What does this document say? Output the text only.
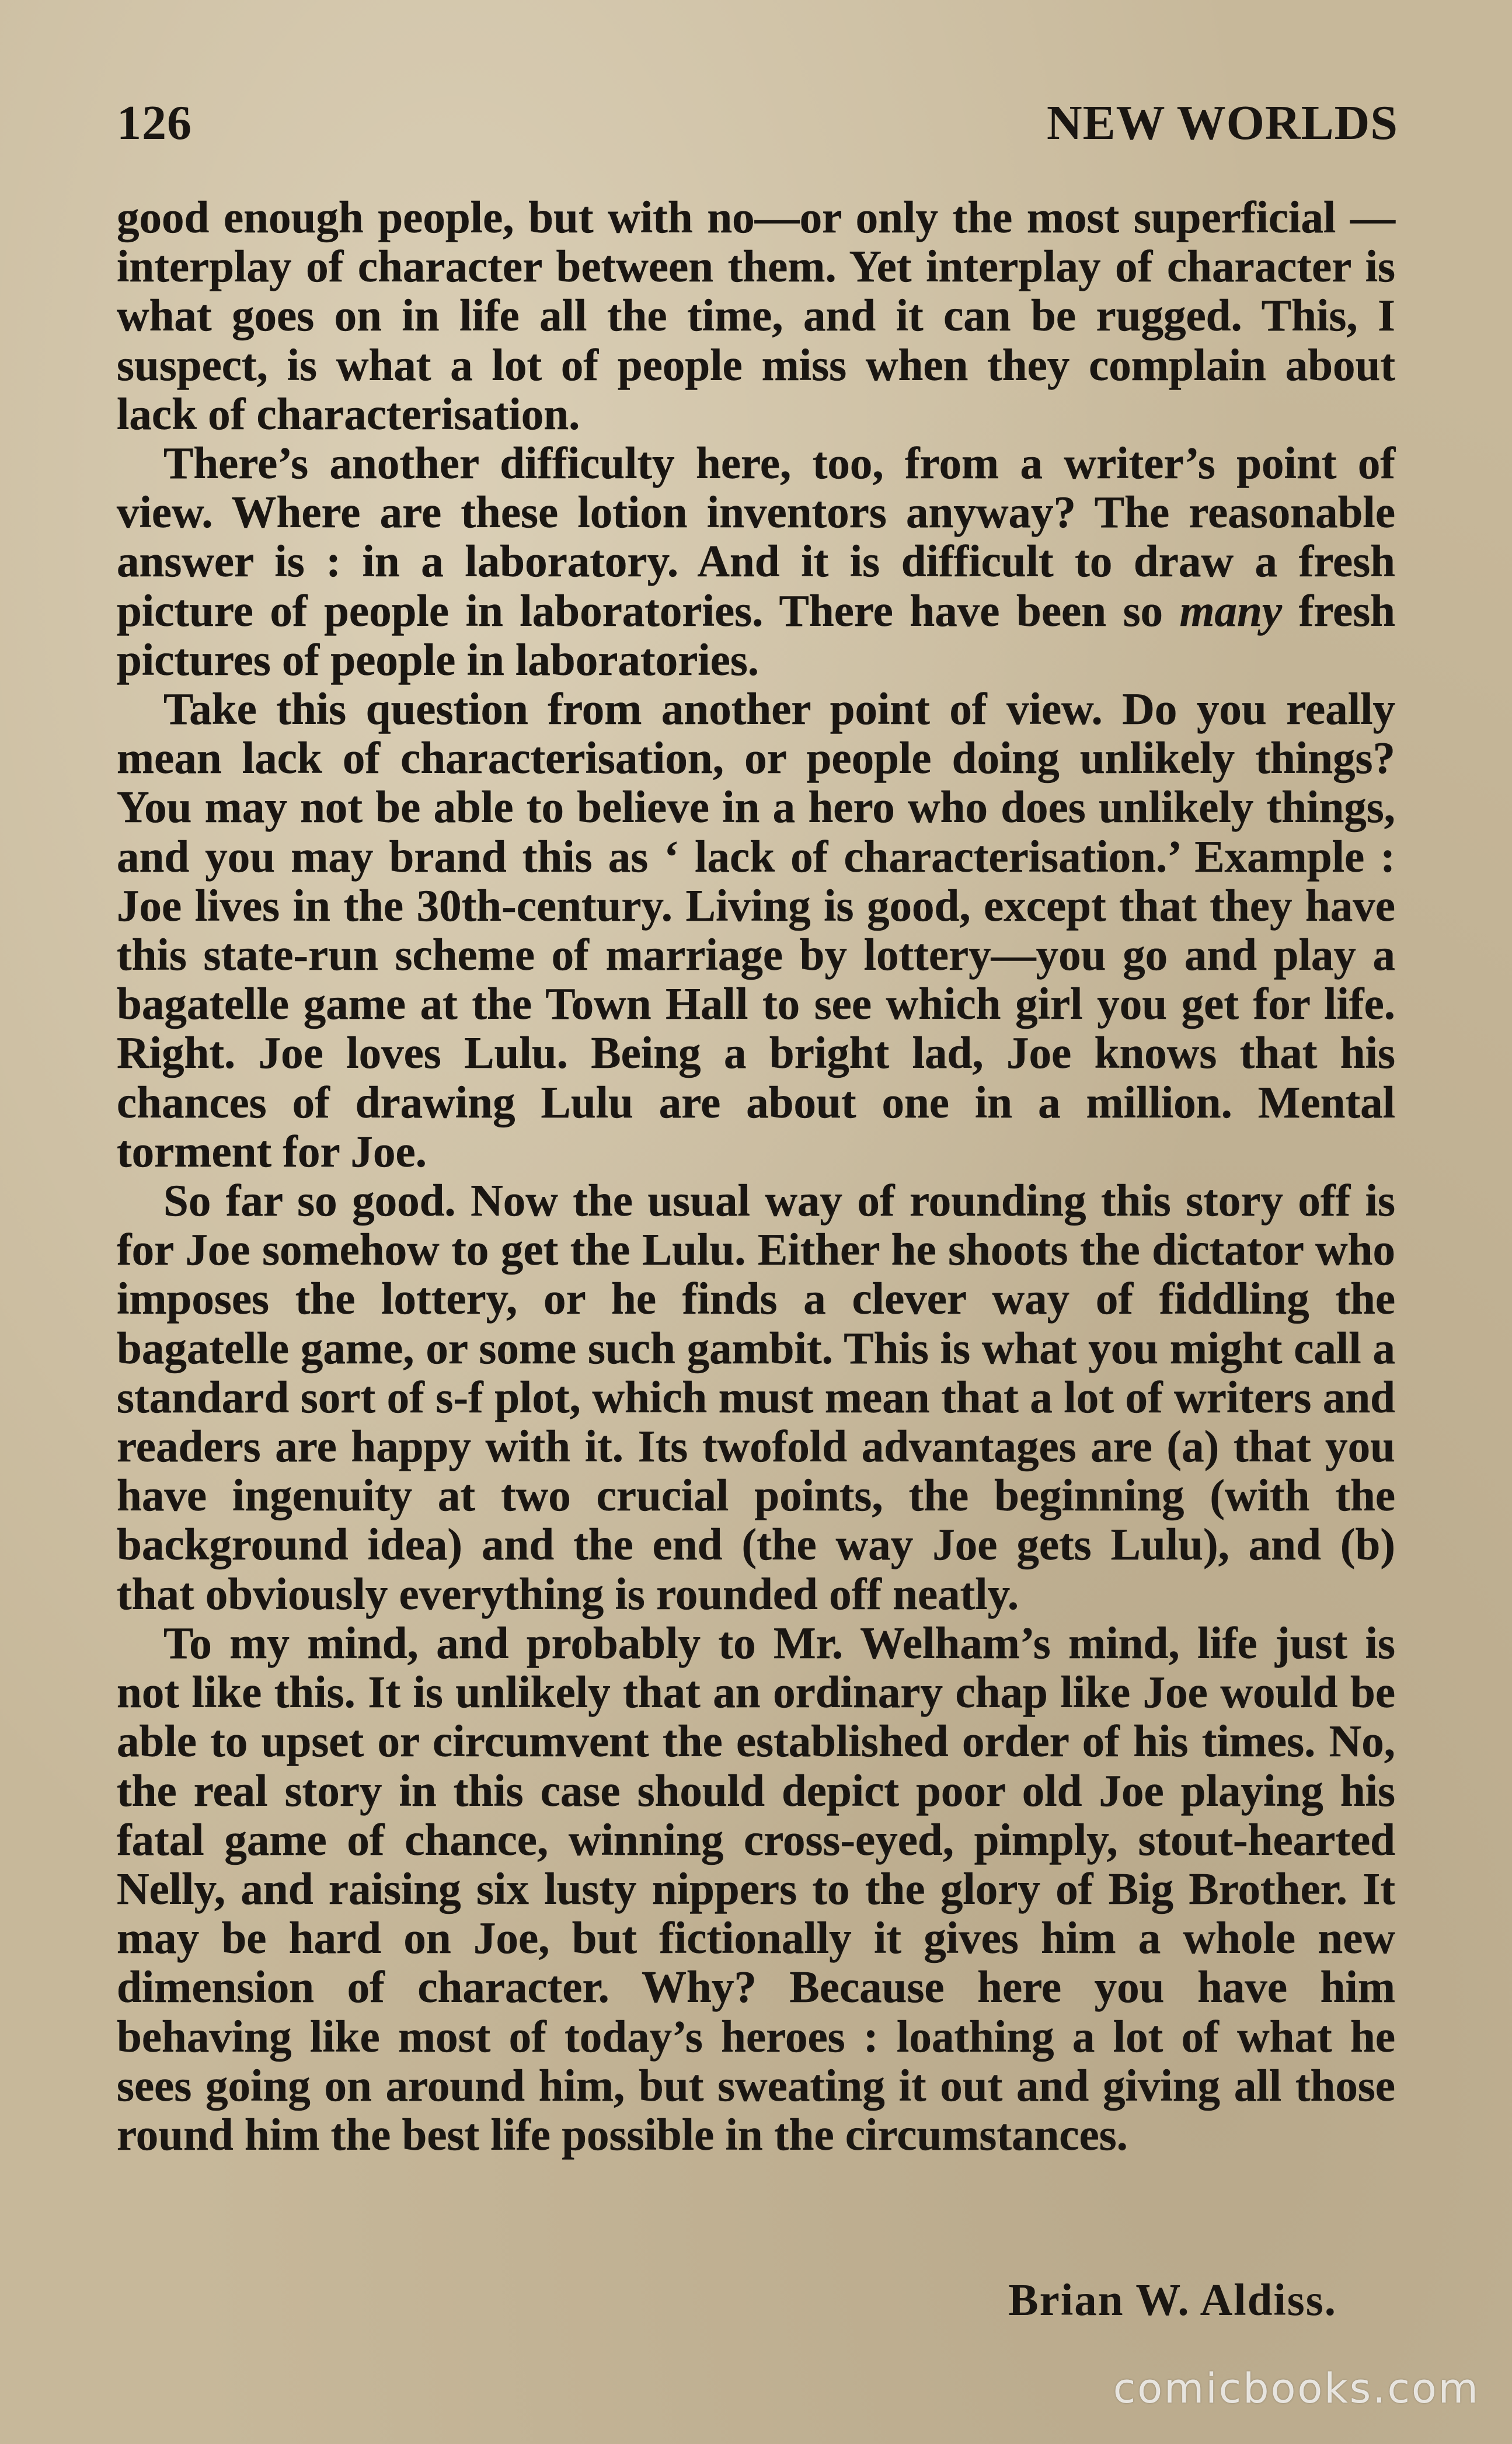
126	NEW WORLDS

good enough people, but with no—or only the most superficial —interplay of character between them. Yet interplay of character is what goes on in life all the time, and it can be rugged. This, I suspect, is what a lot of people miss when they complain about lack of characterisation.

There’s another difficulty here, too, from a writer’s point of view. Where are these lotion inventors anyway? The reasonable answer is : in a laboratory. And it is difficult to draw a fresh picture of people in laboratories. There have been so many fresh pictures of people in laboratories.

Take this question from another point of view. Do you really mean lack of characterisation, or people doing unlikely things? You may not be able to believe in a hero who does unlikely things, and you may brand this as ‘ lack of characterisation.’ Example : Joe lives in the 30th-century. Living is good, except that they have this state-run scheme of marriage by lottery—you go and play a bagatelle game at the Town Hall to see which girl you get for life. Right. Joe loves Lulu. Being a bright lad, Joe knows that his chances of drawing Lulu are about one in a million. Mental torment for Joe.

So far so good. Now the usual way of rounding this story off is for Joe somehow to get the Lulu. Either he shoots the dictator who imposes the lottery, or he finds a clever way of fiddling the bagatelle game, or some such gambit. This is what you might call a standard sort of s-f plot, which must mean that a lot of writers and readers are happy with it. Its twofold advantages are (a) that you have ingenuity at two crucial points, the beginning (with the background idea) and the end (the way Joe gets Lulu), and (b) that obviously everything is rounded off neatly.

To my mind, and probably to Mr. Welham’s mind, life just is not like this. It is unlikely that an ordinary chap like Joe would be able to upset or circumvent the established order of his times. No, the real story in this case should depict poor old Joe playing his fatal game of chance, winning cross-eyed, pimply, stout-hearted Nelly, and raising six lusty nippers to the glory of Big Brother. It may be hard on Joe, but fictionally it gives him a whole new dimension of character. Why? Because here you have him behaving like most of today’s heroes : loathing a lot of what he sees going on around him, but sweating it out and giving all those round him the best life possible in the circumstances.

Brian W. Aldiss.
comicbooks.com
